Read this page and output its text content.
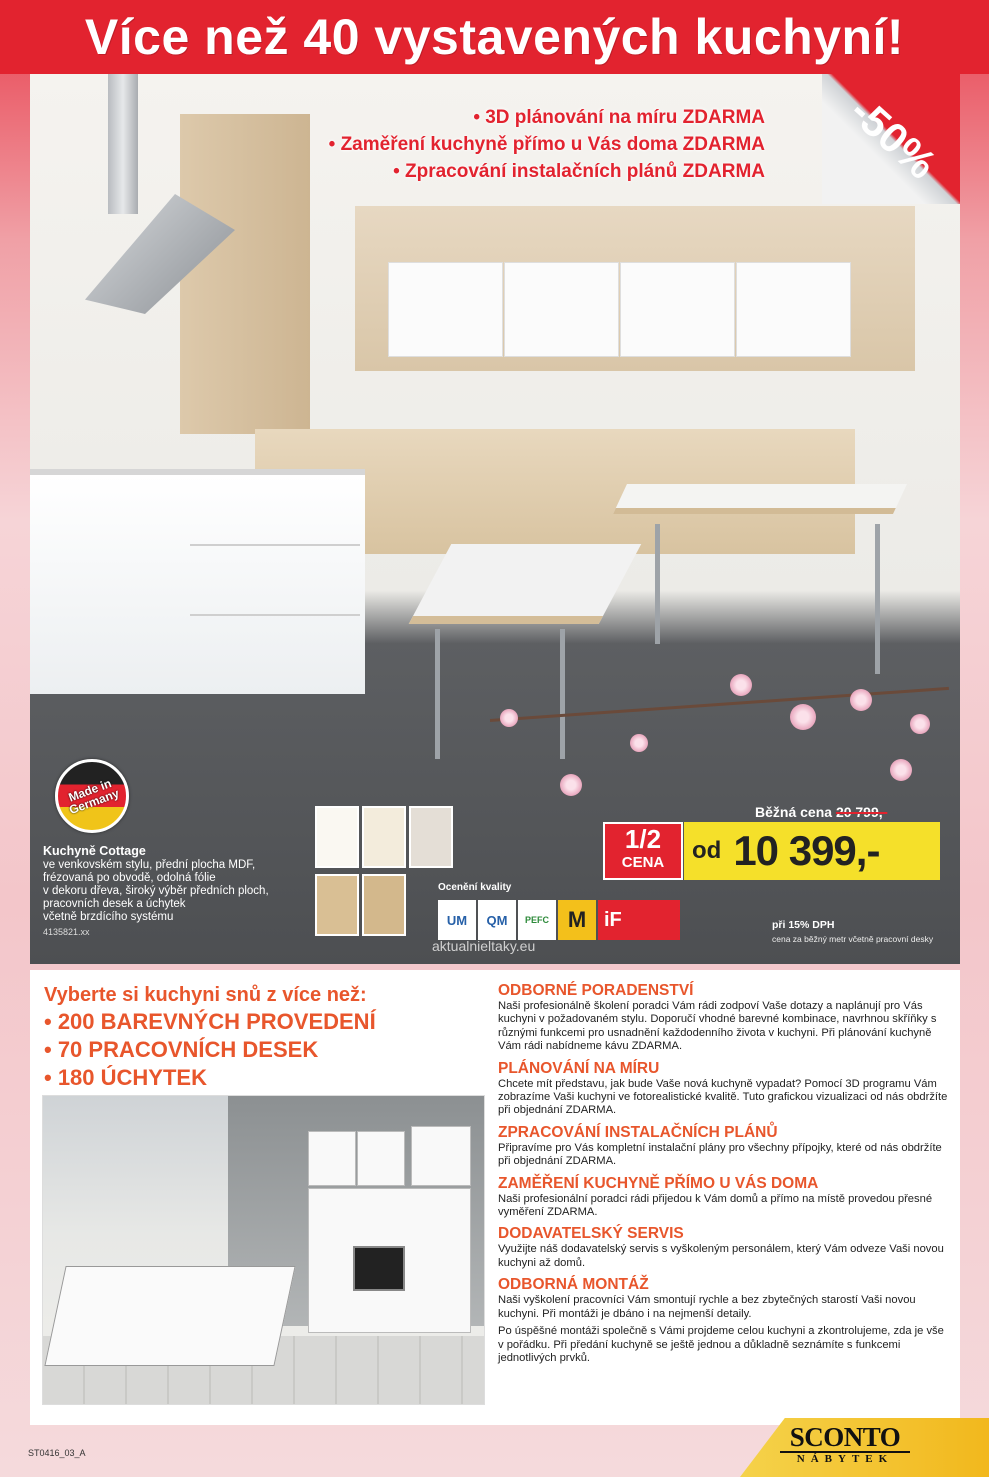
Více než 40 vystavených kuchyní!
-50%
• 3D plánování na míru ZDARMA
• Zaměření kuchyně přímo u Vás doma ZDARMA
• Zpracování instalačních plánů ZDARMA
Made in Germany
Kuchyně Cottage
ve venkovském stylu, přední plocha MDF,
frézovaná po obvodě, odolná fólie
v dekoru dřeva, široký výběr předních ploch,
pracovních desek a úchytek
včetně brzdícího systému
4135821.xx
Ocenění kvality
UM	QM	PEFC M iF
aktualnieltaky.eu
Běžná cena 20 799,-
1/2
CENA	od 10 399,-
při 15% DPH
cena za běžný metr včetně pracovní desky
Vyberte si kuchyni snů z více než:
• 200 BAREVNÝCH PROVEDENÍ
• 70 PRACOVNÍCH DESEK
• 180 ÚCHYTEK
ODBORNÉ PORADENSTVÍ
Naši profesionálně školení poradci Vám rádi zodpoví Vaše dotazy a naplánují pro Vás kuchyni v požadovaném stylu. Doporučí vhodné barevné kombinace, navrhnou skříňky s různými funkcemi pro usnadnění každodenního života v kuchyni. Při plánování kuchyně Vám rádi nabídneme kávu ZDARMA.
PLÁNOVÁNÍ NA MÍRU
Chcete mít představu, jak bude Vaše nová kuchyně vypadat? Pomocí 3D programu Vám zobrazíme Vaši kuchyni ve fotorealistické kvalitě. Tuto grafickou vizualizaci od nás obdržíte při objednání ZDARMA.
ZPRACOVÁNÍ INSTALAČNÍCH PLÁNŮ
Připravíme pro Vás kompletní instalační plány pro všechny přípojky, které od nás obdržíte při objednání ZDARMA.
ZAMĚŘENÍ KUCHYNĚ PŘÍMO U VÁS DOMA
Naši profesionální poradci rádi přijedou k Vám domů a přímo na místě provedou přesné vyměření ZDARMA.
DODAVATELSKÝ SERVIS
Využijte náš dodavatelský servis s vyškoleným personálem, který Vám odveze Vaši novou kuchyni až domů.
ODBORNÁ MONTÁŽ
Naši vyškolení pracovníci Vám smontují rychle a bez zbytečných starostí Vaši novou kuchyni. Při montáži je dbáno i na nejmenší detaily.
Po úspěšné montáži společně s Vámi projdeme celou kuchyni a zkontrolujeme, zda je vše v pořádku. Při předání kuchyně se ještě jednou a důkladně seznámíte s funkcemi jednotlivých prvků.
ST0416_03_A
SCONTO
NÁBYTEK
